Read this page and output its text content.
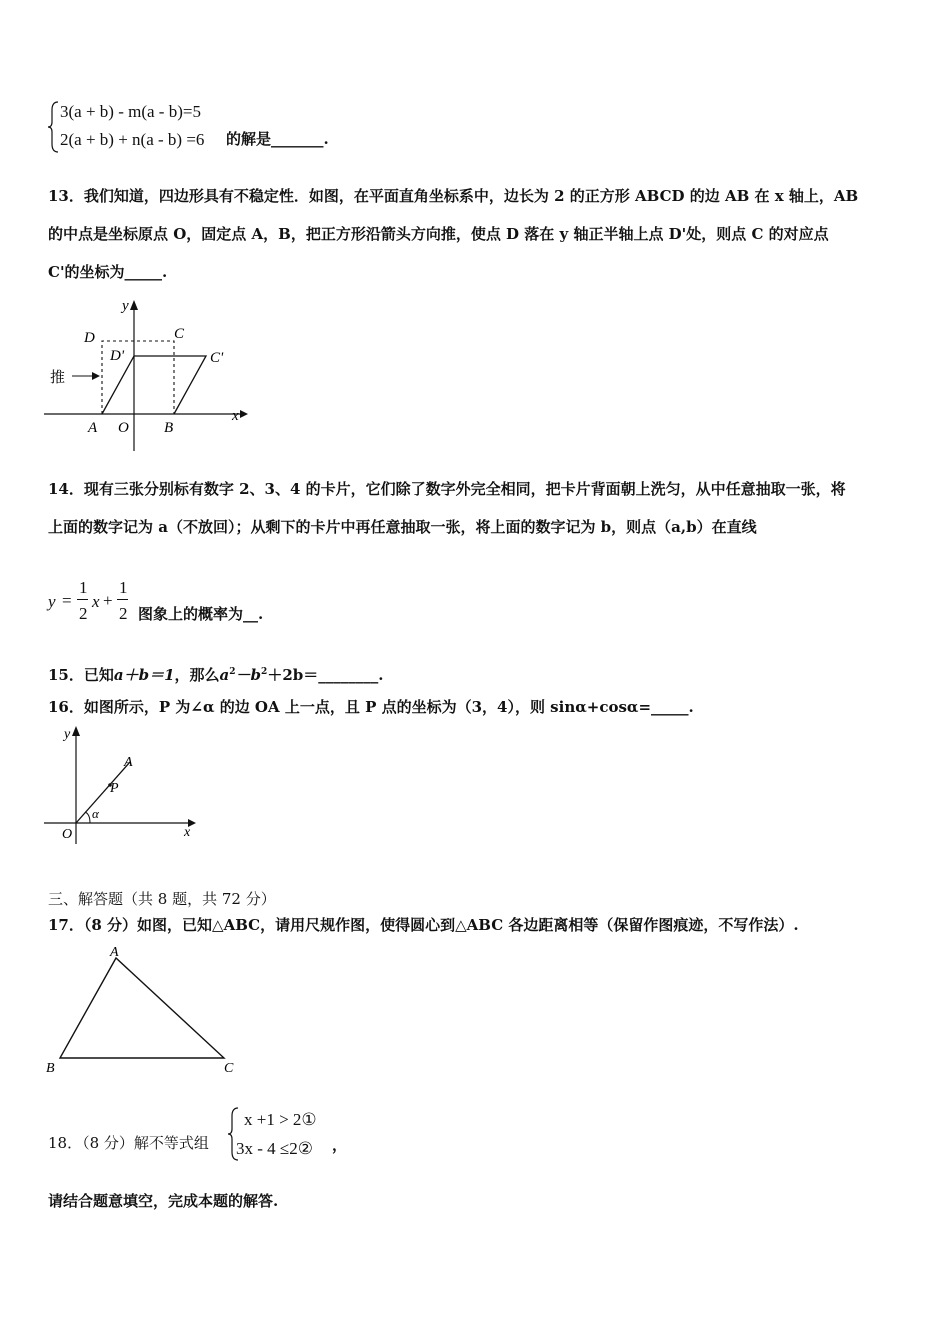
3(a + b) - m(a - b)=5
2(a + b) + n(a - b) =6 的解是_______.
13．我们知道，四边形具有不稳定性．如图，在平面直角坐标系中，边长为 2 的正方形 ABCD 的边 AB 在 x 轴上，AB
的中点是坐标原点 O，固定点 A，B，把正方形沿箭头方向推，使点 D 落在 y 轴正半轴上点 D'处，则点 C 的对应点
C'的坐标为_____.
y
D	C
D'	C'
推
A O B
x
14．现有三张分别标有数字 2、3、4 的卡片，它们除了数字外完全相同，把卡片背面朝上洗匀，从中任意抽取一张，将
上面的数字记为 a（不放回）；从剩下的卡片中再任意抽取一张，将上面的数字记为 b，则点（a,b）在直线
y =
1
2
x +
1
2 图象上的概率为__.
15．已知a＋b＝1，那么$a^2-b^2+2b=\_\_\_\_\_\_\_\_$.
16．如图所示，P 为∠α 的边 OA 上一点，且 P 点的坐标为（3，4），则 sinα+cosα=_____.
y
A
P
α
O	x
三、解答题（共 8 题，共 72 分）
17．（8 分）如图，已知△ABC，请用尺规作图，使得圆心到△ABC 各边距离相等（保留作图痕迹，不写作法）.
A
B	C
18．（8 分）解不等式组
x +1 > 2①
3x - 4 ≤2② ，
请结合题意填空，完成本题的解答.
